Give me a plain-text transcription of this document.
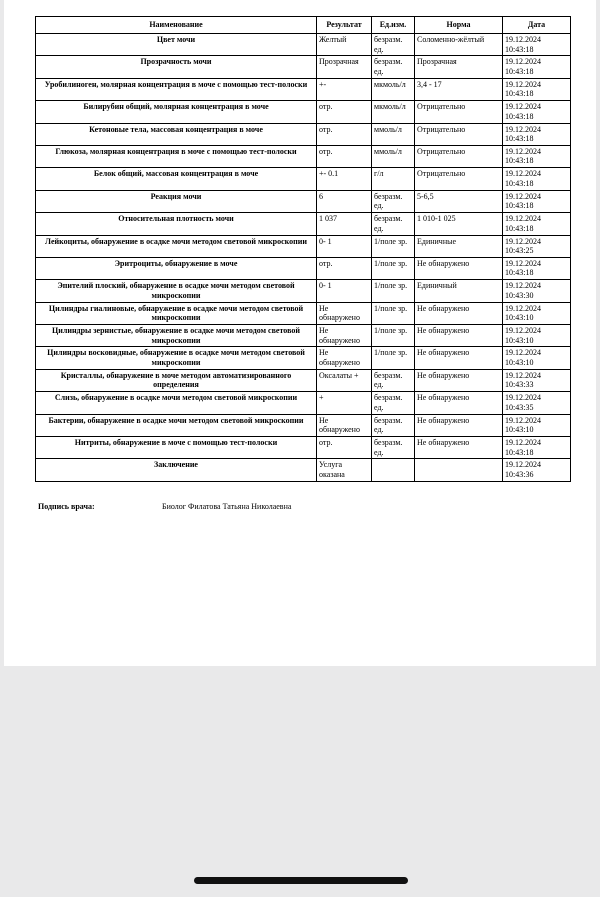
Наименование	Результат	Ед.изм.	Норма	Дата
Цвет мочи	Желтый	безразм. ед.	Соломенно-жёлтый	19.12.2024 10:43:18
Прозрачность мочи	Прозрачная	безразм. ед.	Прозрачная	19.12.2024 10:43:18
Уробилиноген, молярная концентрация в моче с помощью тест-полоски	+-	мкмоль/л	3,4 - 17	19.12.2024 10:43:18
Билирубин общий, молярная концентрация в моче	отр.	мкмоль/л	Отрицательно	19.12.2024 10:43:18
Кетоновые тела, массовая концентрация в моче	отр.	ммоль/л	Отрицательно	19.12.2024 10:43:18
Глюкоза, молярная концентрация в моче с помощью тест-полоски	отр.	ммоль/л	Отрицательно	19.12.2024 10:43:18
Белок общий, массовая концентрация в моче	+- 0.1	г/л	Отрицательно	19.12.2024 10:43:18
Реакция мочи	6	безразм. ед.	5-6,5	19.12.2024 10:43:18
Относительная плотность мочи	1 037	безразм. ед.	1 010-1 025	19.12.2024 10:43:18
Лейкоциты, обнаружение в осадке мочи методом световой микроскопии	0- 1	1/поле зр.	Единичные	19.12.2024 10:43:25
Эритроциты, обнаружение в моче	отр.	1/поле зр.	Не обнаружено	19.12.2024 10:43:18
Эпителий плоский, обнаружение в осадке мочи методом световой микроскопии	0- 1	1/поле зр.	Единичный	19.12.2024 10:43:30
Цилиндры гиалиновые, обнаружение в осадке мочи методом световой микроскопии	Не обнаружено	1/поле зр.	Не обнаружено	19.12.2024 10:43:10
Цилиндры зернистые, обнаружение в осадке мочи методом световой микроскопии	Не обнаружено	1/поле зр.	Не обнаружено	19.12.2024 10:43:10
Цилиндры восковидные, обнаружение в осадке мочи методом световой микроскопии	Не обнаружено	1/поле зр.	Не обнаружено	19.12.2024 10:43:10
Кристаллы, обнаружение в моче методом автоматизированного определения	Оксалаты +	безразм. ед.	Не обнаружено	19.12.2024 10:43:33
Слизь, обнаружение в осадке мочи методом световой микроскопии	+	безразм. ед.	Не обнаружено	19.12.2024 10:43:35
Бактерии, обнаружение в осадке мочи методом световой микроскопии	Не обнаружено	безразм. ед.	Не обнаружено	19.12.2024 10:43:10
Нитриты, обнаружение в моче с помощью тест-полоски	отр.	безразм. ед.	Не обнаружено	19.12.2024 10:43:18
Заключение	Услуга оказана			19.12.2024 10:43:36
Подпись врача:	Биолог Филатова Татьяна Николаевна
